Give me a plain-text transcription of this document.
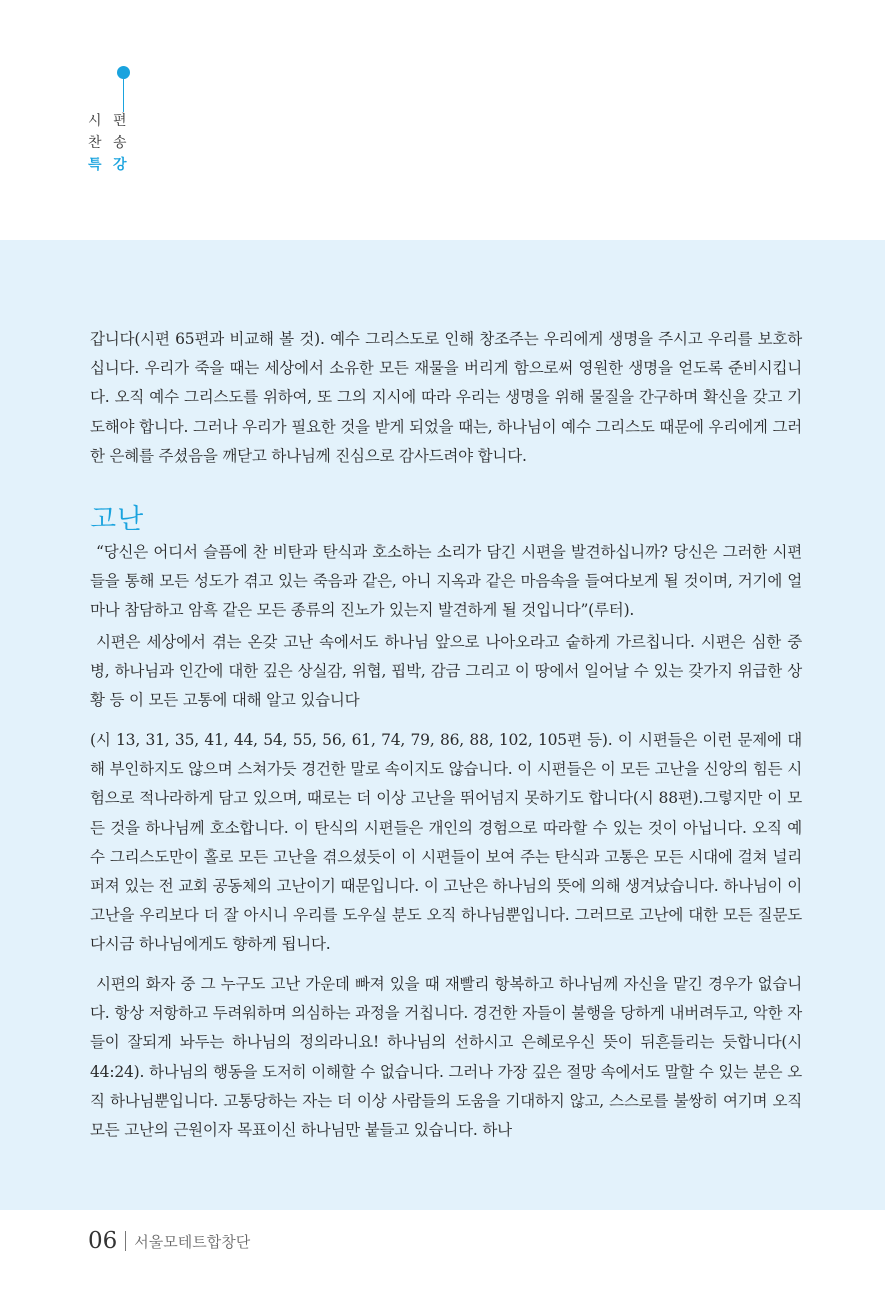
시 편
찬 송
특 강

갑니다(시편 65편과 비교해 볼 것). 예수 그리스도로 인해 창조주는 우리에게 생명을 주시고 우리를 보호하십니다. 우리가 죽을 때는 세상에서 소유한 모든 재물을 버리게 함으로써 영원한 생명을 얻도록 준비시킵니다. 오직 예수 그리스도를 위하여, 또 그의 지시에 따라 우리는 생명을 위해 물질을 간구하며 확신을 갖고 기도해야 합니다. 그러나 우리가 필요한 것을 받게 되었을 때는, 하나님이 예수 그리스도 때문에 우리에게 그러한 은혜를 주셨음을 깨닫고 하나님께 진심으로 감사드려야 합니다.

고난

“당신은 어디서 슬픔에 찬 비탄과 탄식과 호소하는 소리가 담긴 시편을 발견하십니까? 당신은 그러한 시편들을 통해 모든 성도가 겪고 있는 죽음과 같은, 아니 지옥과 같은 마음속을 들여다보게 될 것이며, 거기에 얼마나 참담하고 암흑 같은 모든 종류의 진노가 있는지 발견하게 될 것입니다”(루터).

시편은 세상에서 겪는 온갖 고난 속에서도 하나님 앞으로 나아오라고 숱하게 가르칩니다. 시편은 심한 중병, 하나님과 인간에 대한 깊은 상실감, 위협, 핍박, 감금 그리고 이 땅에서 일어날 수 있는 갖가지 위급한 상황 등 이 모든 고통에 대해 알고 있습니다

(시 13, 31, 35, 41, 44, 54, 55, 56, 61, 74, 79, 86, 88, 102, 105편 등). 이 시편들은 이런 문제에 대해 부인하지도 않으며 스쳐가듯 경건한 말로 속이지도 않습니다. 이 시편들은 이 모든 고난을 신앙의 힘든 시험으로 적나라하게 담고 있으며, 때로는 더 이상 고난을 뛰어넘지 못하기도 합니다(시 88편).그렇지만 이 모든 것을 하나님께 호소합니다. 이 탄식의 시편들은 개인의 경험으로 따라할 수 있는 것이 아닙니다. 오직 예수 그리스도만이 홀로 모든 고난을 겪으셨듯이 이 시편들이 보여 주는 탄식과 고통은 모든 시대에 걸쳐 널리 퍼져 있는 전 교회 공동체의 고난이기 때문입니다. 이 고난은 하나님의 뜻에 의해 생겨났습니다. 하나님이 이 고난을 우리보다 더 잘 아시니 우리를 도우실 분도 오직 하나님뿐입니다. 그러므로 고난에 대한 모든 질문도 다시금 하나님에게도 향하게 됩니다.

시편의 화자 중 그 누구도 고난 가운데 빠져 있을 때 재빨리 항복하고 하나님께 자신을 맡긴 경우가 없습니다. 항상 저항하고 두려워하며 의심하는 과정을 거칩니다. 경건한 자들이 불행을 당하게 내버려두고, 악한 자들이 잘되게 놔두는 하나님의 정의라니요! 하나님의 선하시고 은혜로우신 뜻이 뒤흔들리는 듯합니다(시 44:24). 하나님의 행동을 도저히 이해할 수 없습니다. 그러나 가장 깊은 절망 속에서도 말할 수 있는 분은 오직 하나님뿐입니다. 고통당하는 자는 더 이상 사람들의 도움을 기대하지 않고, 스스로를 불쌍히 여기며 오직 모든 고난의 근원이자 목표이신 하나님만 붙들고 있습니다. 하나

06 서울모테트합창단
